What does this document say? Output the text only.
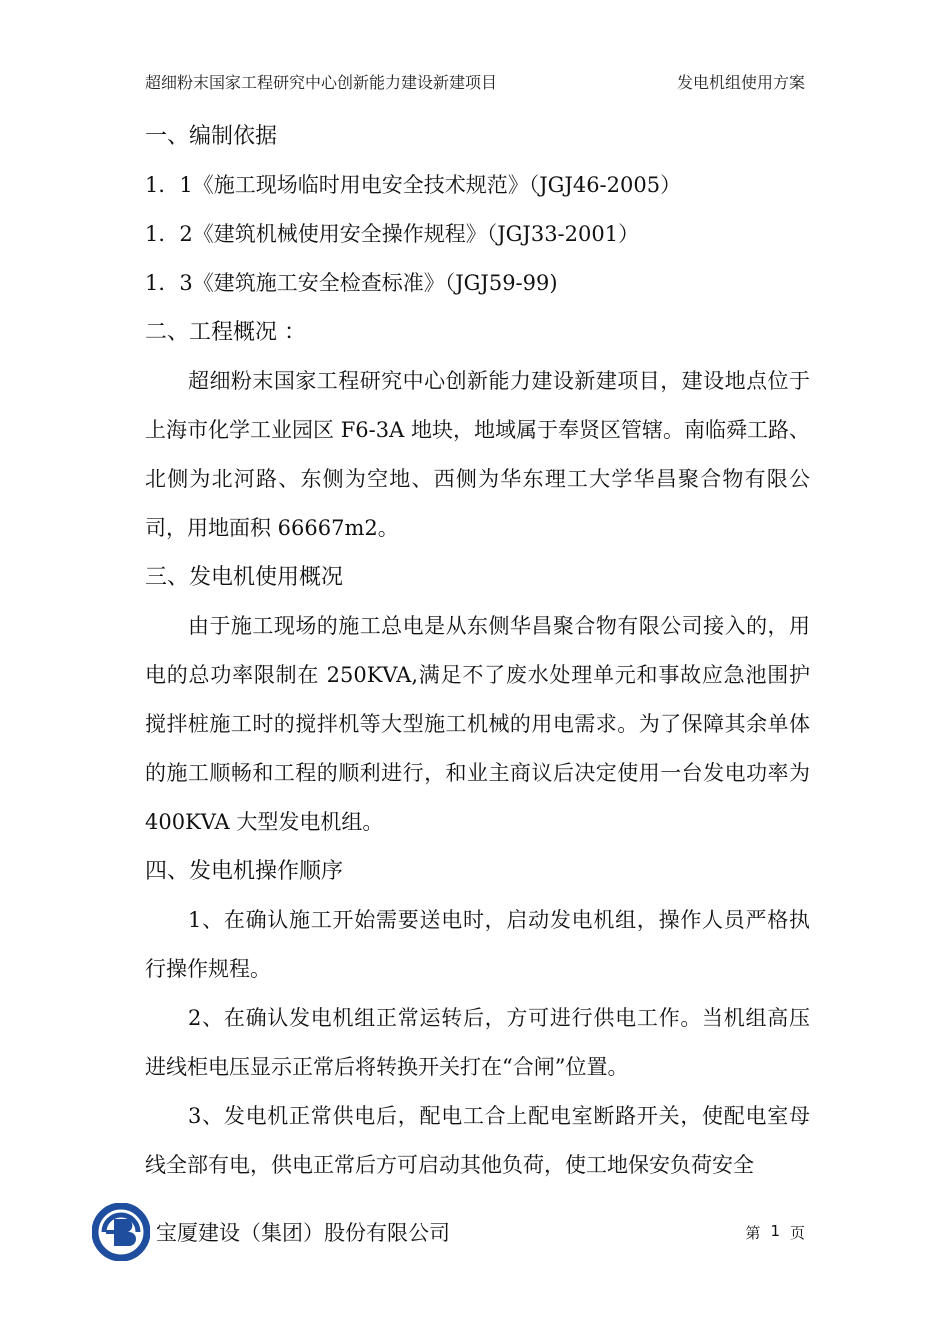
超细粉末国家工程研究中心创新能力建设新建项目	发电机组使用方案
一、编制依据
1．1《施工现场临时用电安全技术规范》（JGJ46-2005）
1．2《建筑机械使用安全操作规程》（JGJ33-2001）
1．3《建筑施工安全检查标准》（JGJ59-99)
二、工程概况 ：

超细粉末国家工程研究中心创新能力建设新建项目，建设地点位于上海市化学工业园区 F6-3A 地块，地域属于奉贤区管辖。南临舜工路、北侧为北河路、东侧为空地、西侧为华东理工大学华昌聚合物有限公司，用地面积 66667m2。

三、发电机使用概况

由于施工现场的施工总电是从东侧华昌聚合物有限公司接入的，用电的总功率限制在 250KVA,满足不了废水处理单元和事故应急池围护搅拌桩施工时的搅拌机等大型施工机械的用电需求。为了保障其余单体的施工顺畅和工程的顺利进行，和业主商议后决定使用一台发电功率为 400KVA 大型发电机组。

四、发电机操作顺序

1、在确认施工开始需要送电时，启动发电机组，操作人员严格执行操作规程。

2、在确认发电机组正常运转后，方可进行供电工作。当机组高压进线柜电压显示正常后将转换开关打在“合闸”位置。

3、发电机正常供电后，配电工合上配电室断路开关，使配电室母线全部有电，供电正常后方可启动其他负荷，使工地保安负荷安全

宝厦建设（集团）股份有限公司	第 1 页
